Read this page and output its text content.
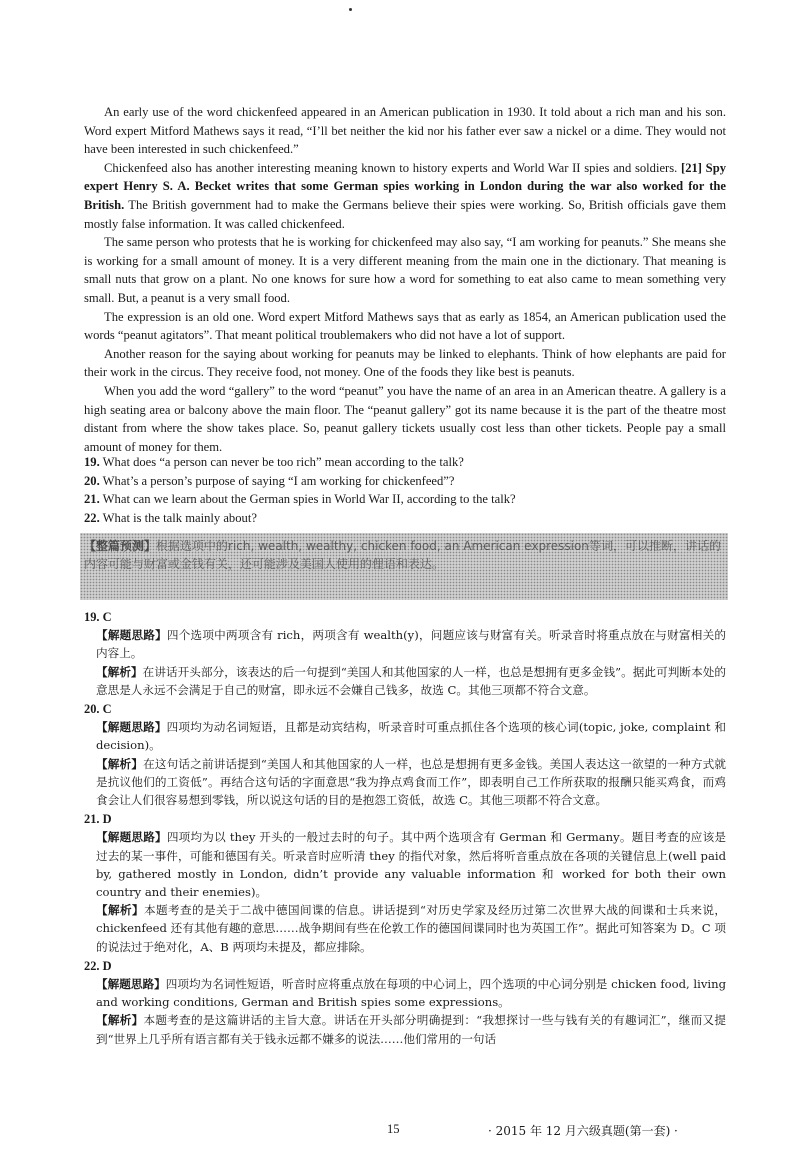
An early use of the word chickenfeed appeared in an American publication in 1930. It told about a rich man and his son. Word expert Mitford Mathews says it read, “I’ll bet neither the kid nor his father ever saw a nickel or a dime. They would not have been interested in such chickenfeed.”

Chickenfeed also has another interesting meaning known to history experts and World War II spies and soldiers. [21] Spy expert Henry S. A. Becket writes that some German spies working in London during the war also worked for the British. The British government had to make the Germans believe their spies were working. So, British officials gave them mostly false information. It was called chickenfeed.

The same person who protests that he is working for chickenfeed may also say, “I am working for peanuts.” She means she is working for a small amount of money. It is a very different meaning from the main one in the dictionary. That meaning is small nuts that grow on a plant. No one knows for sure how a word for something to eat also came to mean something very small. But, a peanut is a very small food.

The expression is an old one. Word expert Mitford Mathews says that as early as 1854, an American publication used the words “peanut agitators”. That meant political troublemakers who did not have a lot of support.

Another reason for the saying about working for peanuts may be linked to elephants. Think of how elephants are paid for their work in the circus. They receive food, not money. One of the foods they like best is peanuts.

When you add the word “gallery” to the word “peanut” you have the name of an area in an American theatre. A gallery is a high seating area or balcony above the main floor. The “peanut gallery” got its name because it is the part of the theatre most distant from where the show takes place. So, peanut gallery tickets usually cost less than other tickets. People pay a small amount of money for them.

19. What does “a person can never be too rich” mean according to the talk?
20. What’s a person’s purpose of saying “I am working for chickenfeed”?
21. What can we learn about the German spies in World War II, according to the talk?
22. What is the talk mainly about?
【整篇预测】根据选项中的rich, wealth, wealthy, chicken food, an American expression等词，可以推断，讲话的内容可能与财富或金钱有关，还可能涉及美国人使用的俚语和表达。
19. C

【解题思路】四个选项中两项含有 rich，两项含有 wealth(y)，问题应该与财富有关。听录音时将重点放在与财富相关的内容上。

【解析】在讲话开头部分，该表达的后一句提到“美国人和其他国家的人一样，也总是想拥有更多金钱”。据此可判断本处的意思是人永远不会满足于自己的财富，即永远不会嫌自己钱多，故选 C。其他三项都不符合文意。

20. C

【解题思路】四项均为动名词短语，且都是动宾结构，听录音时可重点抓住各个选项的核心词(topic, joke, complaint 和 decision)。

【解析】在这句话之前讲话提到“美国人和其他国家的人一样，也总是想拥有更多金钱。美国人表达这一欲望的一种方式就是抗议他们的工资低”。再结合这句话的字面意思“我为挣点鸡食而工作”，即表明自己工作所获取的报酬只能买鸡食，而鸡食会让人们很容易想到零钱，所以说这句话的目的是抱怨工资低，故选 C。其他三项都不符合文意。

21. D

【解题思路】四项均为以 they 开头的一般过去时的句子。其中两个选项含有 German 和 Germany。题目考查的应该是过去的某一事件，可能和德国有关。听录音时应听清 they 的指代对象，然后将听音重点放在各项的关键信息上(well paid by, gathered mostly in London, didn’t provide any valuable information 和 worked for both their own country and their enemies)。

【解析】本题考查的是关于二战中德国间谍的信息。讲话提到“对历史学家及经历过第二次世界大战的间谍和士兵来说，chickenfeed 还有其他有趣的意思……战争期间有些在伦敦工作的德国间谍同时也为英国工作”。据此可知答案为 D。C 项的说法过于绝对化，A、B 两项均未提及，都应排除。

22. D

【解题思路】四项均为名词性短语，听音时应将重点放在每项的中心词上，四个选项的中心词分别是 chicken food, living and working conditions, German and British spies some expressions。

【解析】本题考查的是这篇讲话的主旨大意。讲话在开头部分明确提到：“我想探讨一些与钱有关的有趣词汇”，继而又提到“世界上几乎所有语言都有关于钱永远都不嫌多的说法……他们常用的一句话

15	· 2015 年 12 月六级真题(第一套) ·
